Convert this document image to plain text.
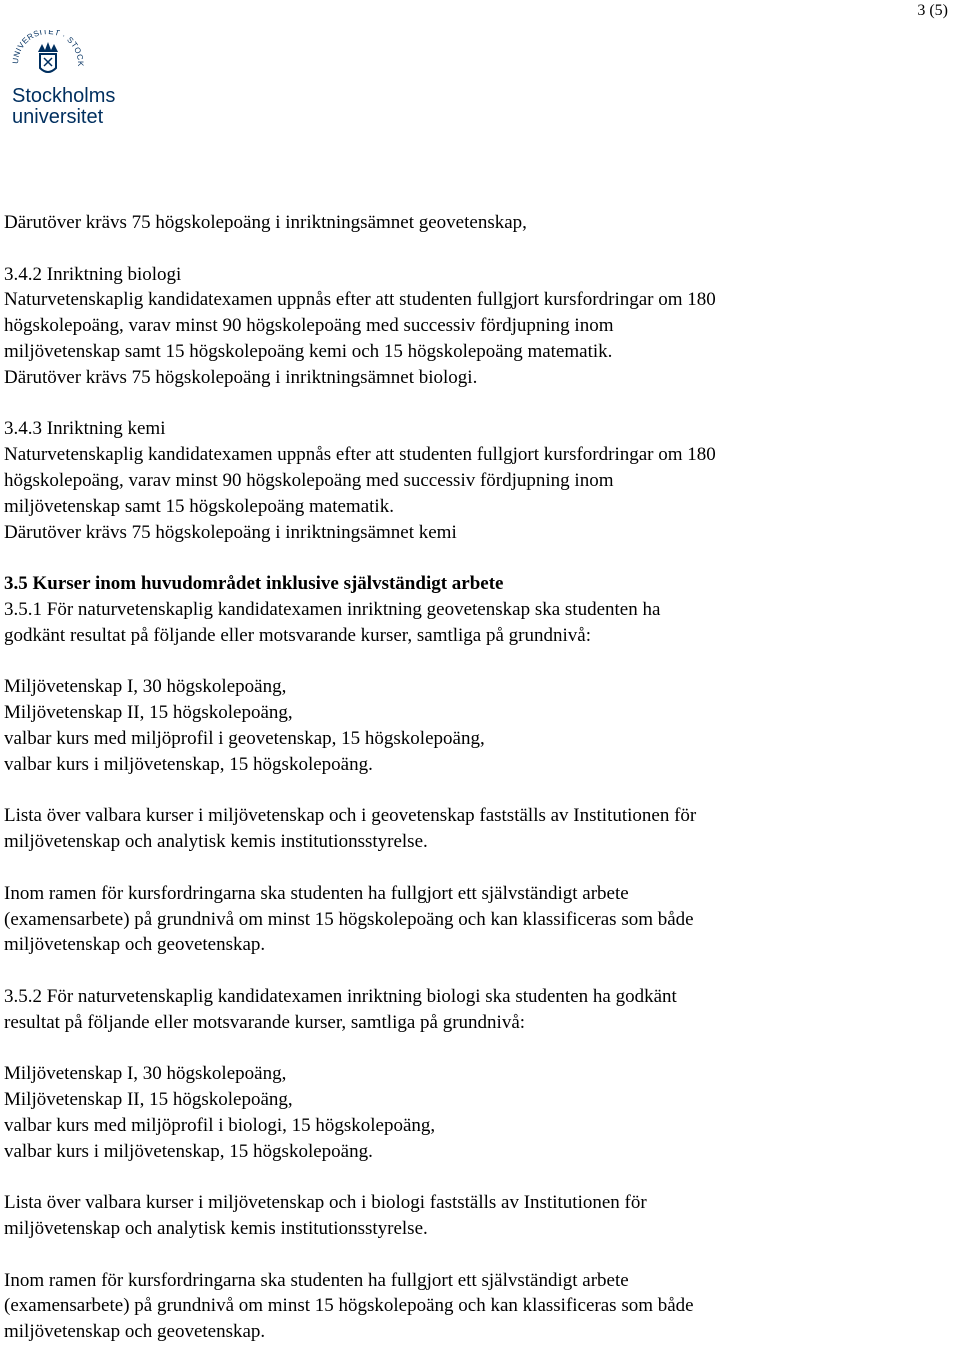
3 (5)
NIVERSITET · STOCK
Stockholms
universitet
Därutöver krävs 75 högskolepoäng i inriktningsämnet geovetenskap,
3.4.2 Inriktning biologi
Naturvetenskaplig kandidatexamen uppnås efter att studenten fullgjort kursfordringar om 180
högskolepoäng, varav minst 90 högskolepoäng med successiv fördjupning inom
miljövetenskap samt 15 högskolepoäng kemi och 15 högskolepoäng matematik.
Därutöver krävs 75 högskolepoäng i inriktningsämnet biologi.
3.4.3 Inriktning kemi
Naturvetenskaplig kandidatexamen uppnås efter att studenten fullgjort kursfordringar om 180
högskolepoäng, varav minst 90 högskolepoäng med successiv fördjupning inom
miljövetenskap samt 15 högskolepoäng matematik.
Därutöver krävs 75 högskolepoäng i inriktningsämnet kemi
3.5 Kurser inom huvudområdet inklusive självständigt arbete
3.5.1 För naturvetenskaplig kandidatexamen inriktning geovetenskap ska studenten ha
godkänt resultat på följande eller motsvarande kurser, samtliga på grundnivå:
Miljövetenskap I, 30 högskolepoäng,
Miljövetenskap II, 15 högskolepoäng,
valbar kurs med miljöprofil i geovetenskap, 15 högskolepoäng,
valbar kurs i miljövetenskap, 15 högskolepoäng.
Lista över valbara kurser i miljövetenskap och i geovetenskap fastställs av Institutionen för
miljövetenskap och analytisk kemis institutionsstyrelse.
Inom ramen för kursfordringarna ska studenten ha fullgjort ett självständigt arbete
(examensarbete) på grundnivå om minst 15 högskolepoäng och kan klassificeras som både
miljövetenskap och geovetenskap.
3.5.2 För naturvetenskaplig kandidatexamen inriktning biologi ska studenten ha godkänt
resultat på följande eller motsvarande kurser, samtliga på grundnivå:
Miljövetenskap I, 30 högskolepoäng,
Miljövetenskap II, 15 högskolepoäng,
valbar kurs med miljöprofil i biologi, 15 högskolepoäng,
valbar kurs i miljövetenskap, 15 högskolepoäng.
Lista över valbara kurser i miljövetenskap och i biologi fastställs av Institutionen för
miljövetenskap och analytisk kemis institutionsstyrelse.
Inom ramen för kursfordringarna ska studenten ha fullgjort ett självständigt arbete
(examensarbete) på grundnivå om minst 15 högskolepoäng och kan klassificeras som både
miljövetenskap och geovetenskap.
